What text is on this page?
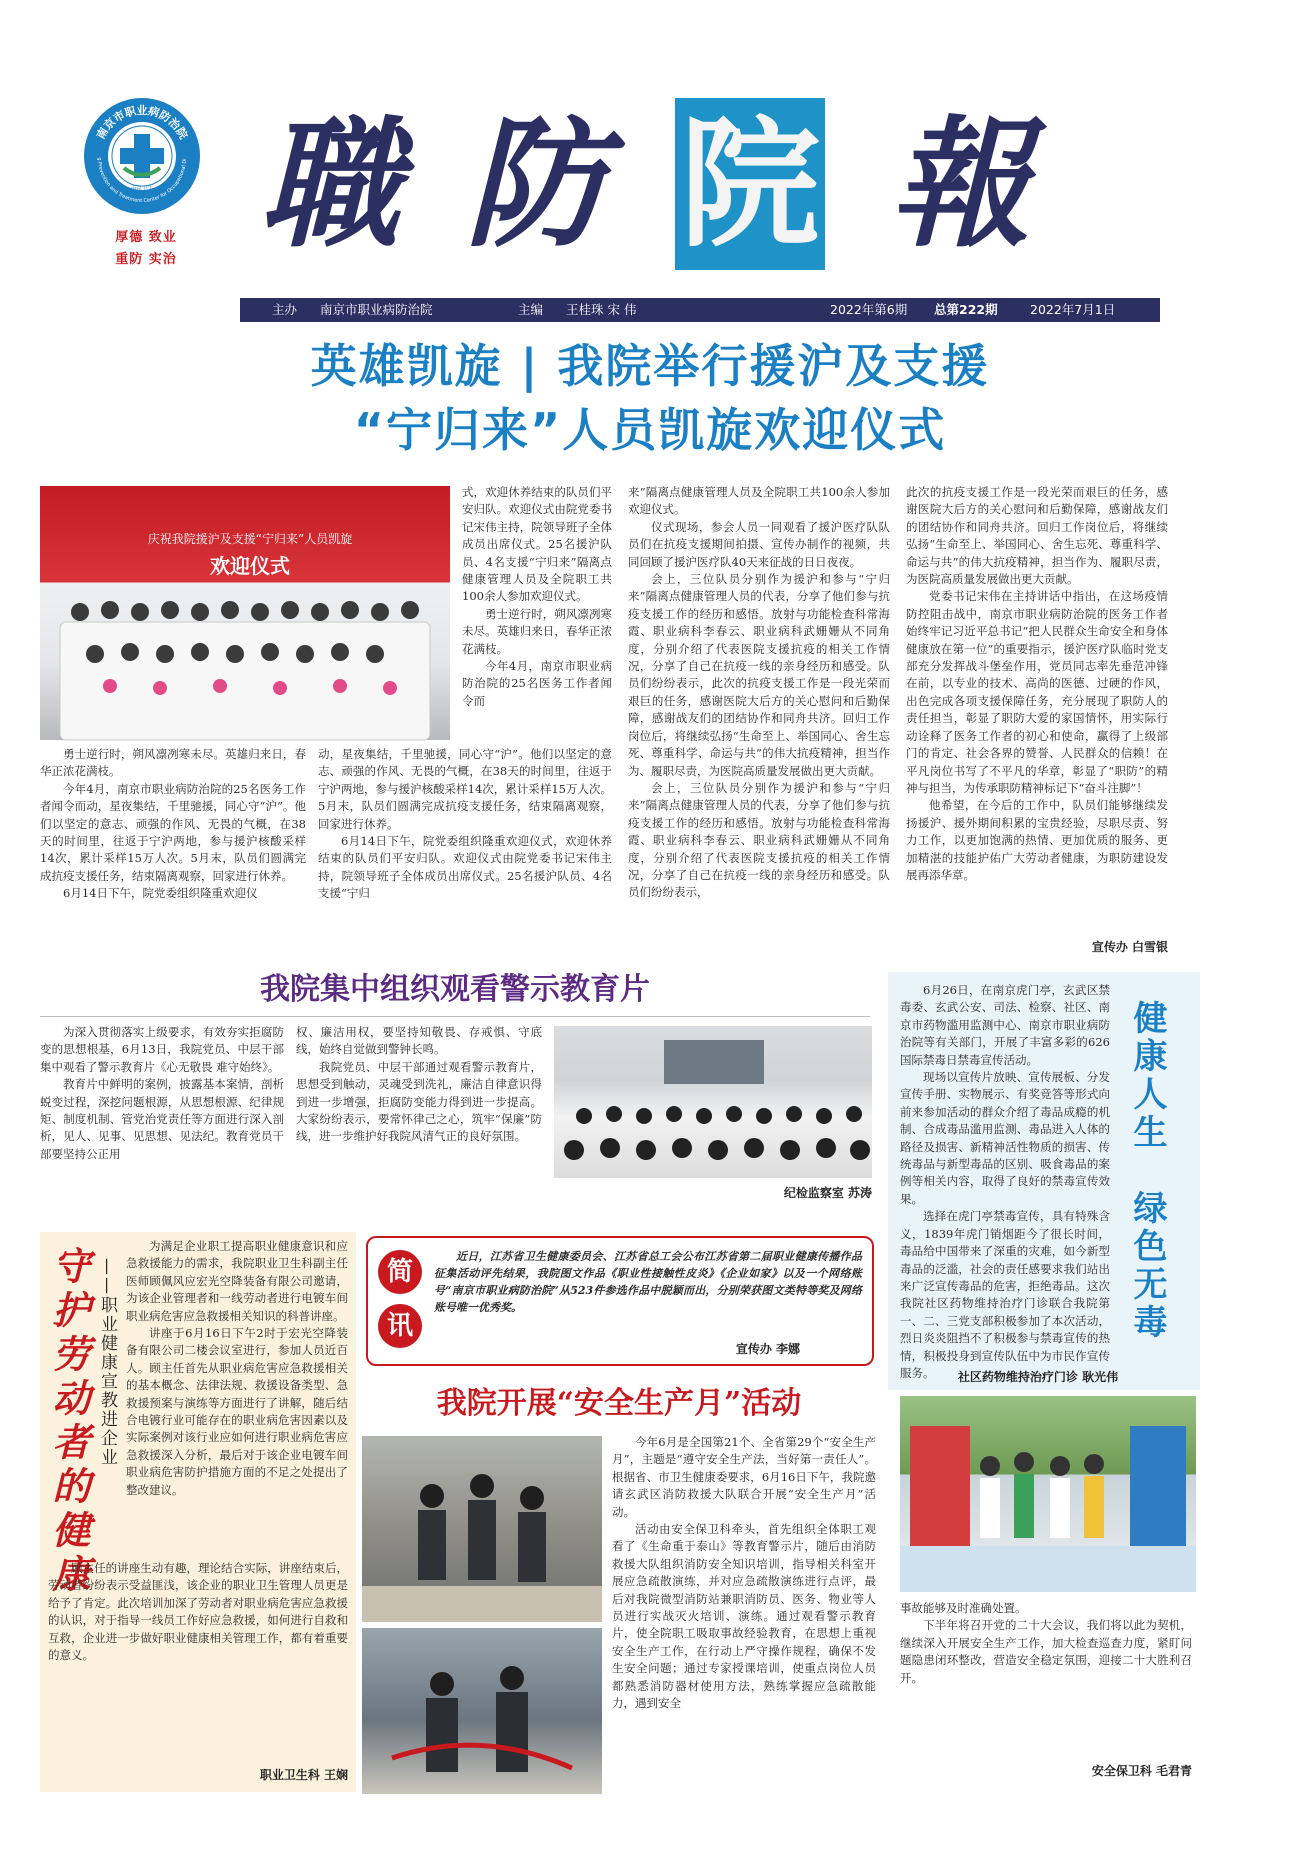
南京市职业病防治院
g Prevention and Treatment Center for Occupational Di
南京卫生
厚德 致业
重防 实治 職 防 院 報
主办 南京市职业病防治院	主编 王桂珠 宋 伟	2022年第6期 总第222期	2022年7月1日
英雄凯旋 | 我院举行援沪及支援
“宁归来”人员凯旋欢迎仪式
庆祝我院援沪及支援“宁归来”人员凯旋
欢迎仪式

勇士逆行时，朔风凛冽寒未尽。英雄归来日，春华正浓花满枝。

今年4月，南京市职业病防治院的25名医务工作者闻令而动，星夜集结，千里驰援，同心守“沪”。他们以坚定的意志、顽强的作风、无畏的气概，在38天的时间里，往返于宁沪两地，参与援沪核酸采样14次，累计采样15万人次。5月末，队员们圆满完成抗疫支援任务，结束隔离观察，回家进行休养。

6月14日下午，院党委组织隆重欢迎仪

式，欢迎休养结束的队员们平安归队。欢迎仪式由院党委书记宋伟主持，院领导班子全体成员出席仪式。25名援沪队员、4名支援“宁归来”隔离点健康管理人员及全院职工共100余人参加欢迎仪式。

勇士逆行时，朔风凛冽寒未尽。英雄归来日，春华正浓花满枝。

今年4月，南京市职业病防治院的25名医务工作者闻令而

动，星夜集结，千里驰援，同心守“沪”。他们以坚定的意志、顽强的作风、无畏的气概，在38天的时间里，往返于宁沪两地，参与援沪核酸采样14次，累计采样15万人次。5月末，队员们圆满完成抗疫支援任务，结束隔离观察，回家进行休养。

6月14日下午，院党委组织隆重欢迎仪式，欢迎休养结束的队员们平安归队。欢迎仪式由院党委书记宋伟主持，院领导班子全体成员出席仪式。25名援沪队员、4名支援“宁归

来”隔离点健康管理人员及全院职工共100余人参加欢迎仪式。

仪式现场，参会人员一同观看了援沪医疗队队员们在抗疫支援期间拍摄、宣传办制作的视频，共同回顾了援沪医疗队40天来征战的日日夜夜。

会上，三位队员分别作为援沪和参与“宁归来”隔离点健康管理人员的代表，分享了他们参与抗疫支援工作的经历和感悟。放射与功能检查科常海霞、职业病科李春云、职业病科武姗姗从不同角度，分别介绍了代表医院支援抗疫的相关工作情况，分享了自己在抗疫一线的亲身经历和感受。队员们纷纷表示，此次的抗疫支援工作是一段光荣而艰巨的任务，感谢医院大后方的关心慰问和后勤保障，感谢战友们的团结协作和同舟共济。回归工作岗位后，将继续弘扬“生命至上、举国同心、舍生忘死、尊重科学、命运与共”的伟大抗疫精神，担当作为、履职尽责，为医院高质量发展做出更大贡献。

会上，三位队员分别作为援沪和参与“宁归来”隔离点健康管理人员的代表，分享了他们参与抗疫支援工作的经历和感悟。放射与功能检查科常海霞、职业病科李春云、职业病科武姗姗从不同角度，分别介绍了代表医院支援抗疫的相关工作情况，分享了自己在抗疫一线的亲身经历和感受。队员们纷纷表示，

此次的抗疫支援工作是一段光荣而艰巨的任务，感谢医院大后方的关心慰问和后勤保障，感谢战友们的团结协作和同舟共济。回归工作岗位后，将继续弘扬“生命至上、举国同心、舍生忘死、尊重科学、命运与共”的伟大抗疫精神，担当作为、履职尽责，为医院高质量发展做出更大贡献。

党委书记宋伟在主持讲话中指出，在这场疫情防控阻击战中，南京市职业病防治院的医务工作者始终牢记习近平总书记“把人民群众生命安全和身体健康放在第一位”的重要指示，援沪医疗队临时党支部充分发挥战斗堡垒作用，党员同志率先垂范冲锋在前，以专业的技术、高尚的医德、过硬的作风，出色完成各项支援保障任务，充分展现了职防人的责任担当，彰显了职防大爱的家国情怀，用实际行动诠释了医务工作者的初心和使命，赢得了上级部门的肯定、社会各界的赞誉、人民群众的信赖！在平凡岗位书写了不平凡的华章，彰显了“职防”的精神与担当，为传承职防精神标记下“奋斗注脚”！

他希望，在今后的工作中，队员们能够继续发扬援沪、援外期间积累的宝贵经验，尽职尽责、努力工作，以更加饱满的热情、更加优质的服务、更加精湛的技能护佑广大劳动者健康，为职防建设发展再添华章。

宣传办 白雪银
我院集中组织观看警示教育片

为深入贯彻落实上级要求，有效夯实拒腐防变的思想根基，6月13日，我院党员、中层干部集中观看了警示教育片《心无敬畏 难守始终》。

教育片中鲜明的案例，披露基本案情，剖析蜕变过程，深挖问题根源，从思想根源、纪律规矩、制度机制、管党治党责任等方面进行深入剖析，见人、见事、见思想、见法纪。教育党员干部要坚持公正用

权、廉洁用权，要坚持知敬畏、存戒惧、守底线，始终自觉做到警钟长鸣。

我院党员、中层干部通过观看警示教育片，思想受到触动，灵魂受到洗礼，廉洁自律意识得到进一步增强，拒腐防变能力得到进一步提高。大家纷纷表示，要常怀律己之心，筑牢“保廉”防线，进一步维护好我院风清气正的良好氛围。

纪检监察室 苏涛

6月26日，在南京虎门亭，玄武区禁毒委、玄武公安、司法、检察、社区、南京市药物滥用监测中心、南京市职业病防治院等有关部门，开展了丰富多彩的626国际禁毒日禁毒宣传活动。

现场以宣传片放映、宣传展板、分发宣传手册、实物展示、有奖竞答等形式向前来参加活动的群众介绍了毒品成瘾的机制、合成毒品滥用监测、毒品进入人体的路径及损害、新精神活性物质的损害、传统毒品与新型毒品的区别、吸食毒品的案例等相关内容，取得了良好的禁毒宣传效果。

选择在虎门亭禁毒宣传，具有特殊含义，1839年虎门销烟距今了很长时间，毒品给中国带来了深重的灾难，如今新型毒品的泛滥，社会的责任感要求我们站出来广泛宣传毒品的危害，拒绝毒品。这次我院社区药物维持治疗门诊联合我院第一、二、三党支部积极参加了本次活动，烈日炎炎阻挡不了积极参与禁毒宣传的热情，积极投身到宣传队伍中为市民作宣传服务。

健康人生
绿色无毒
社区药物维持治疗门诊 耿光伟
守护劳动者的健康 ——职业健康宣教进企业

为满足企业职工提高职业健康意识和应急救援能力的需求，我院职业卫生科副主任医师顾佩风应宏光空降装备有限公司邀请，为该企业管理者和一线劳动者进行电镀车间职业病危害应急救援相关知识的科普讲座。

讲座于6月16日下午2时于宏光空降装备有限公司二楼会议室进行，参加人员近百人。顾主任首先从职业病危害应急救援相关的基本概念、法律法规、救援设备类型、急救援预案与演练等方面进行了讲解，随后结合电镀行业可能存在的职业病危害因素以及实际案例对该行业应如何进行职业病危害应急救援深入分析，最后对于该企业电镀车间职业病危害防护措施方面的不足之处提出了整改建议。

顾主任的讲座生动有趣，理论结合实际，讲座结束后，劳动者纷纷表示受益匪浅，该企业的职业卫生管理人员更是给予了肯定。此次培训加深了劳动者对职业病危害应急救援的认识，对于指导一线员工作好应急救援，如何进行自救和互救，企业进一步做好职业健康相关管理工作，都有着重要的意义。

职业卫生科 王娴
简
讯

近日，江苏省卫生健康委员会、江苏省总工会公布江苏省第二届职业健康传播作品征集活动评先结果，我院图文作品《职业性接触性皮炎》《企业如家》以及一个网络账号“南京市职业病防治院”从523件参选作品中脱颖而出，分别荣获图文类特等奖及网络账号唯一优秀奖。

宣传办 李娜
我院开展“安全生产月”活动

今年6月是全国第21个、全省第29个“安全生产月”，主题是“遵守安全生产法，当好第一责任人”。根据省、市卫生健康委要求，6月16日下午，我院邀请玄武区消防救援大队联合开展“安全生产月”活动。

活动由安全保卫科牵头，首先组织全体职工观看了《生命重于泰山》等教育警示片，随后由消防救援大队组织消防安全知识培训，指导相关科室开展应急疏散演练，并对应急疏散演练进行点评，最后对我院微型消防站兼职消防员、医务、物业等人员进行实战灭火培训、演练。通过观看警示教育片，使全院职工吸取事故经验教育，在思想上重视安全生产工作，在行动上严守操作规程，确保不发生安全问题；通过专家授课培训，使重点岗位人员都熟悉消防器材使用方法，熟练掌握应急疏散能力，遇到安全

事故能够及时准确处置。

下半年将召开党的二十大会议，我们将以此为契机，继续深入开展安全生产工作，加大检查巡查力度，紧盯问题隐患闭环整改，营造安全稳定氛围，迎接二十大胜利召开。

安全保卫科 毛君青
